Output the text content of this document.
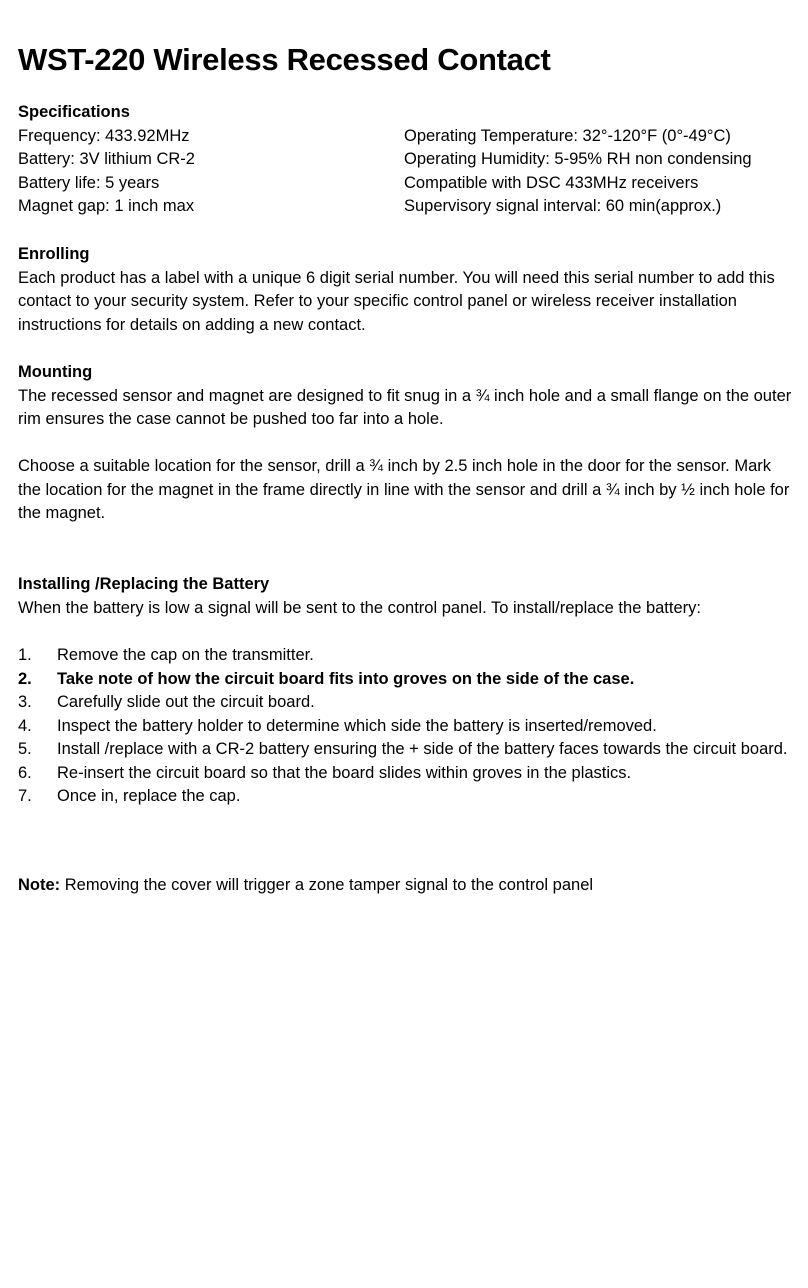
WST-220 Wireless Recessed Contact
Specifications
Frequency: 433.92MHz
Battery: 3V lithium CR-2
Battery life: 5 years
Magnet gap: 1 inch max
Operating Temperature: 32°-120°F (0°-49°C)
Operating Humidity: 5-95% RH non condensing
Compatible with DSC 433MHz receivers
Supervisory signal interval: 60 min(approx.)
Enrolling

Each product has a label with a unique 6 digit serial number. You will need this serial number to add this contact to your security system. Refer to your specific control panel or wireless receiver installation instructions for details on adding a new contact.

Mounting

The recessed sensor and magnet are designed to fit snug in a ¾ inch hole and a small flange on the outer rim ensures the case cannot be pushed too far into a hole.

Choose a suitable location for the sensor, drill a ¾ inch by 2.5 inch hole in the door for the sensor. Mark the location for the magnet in the frame directly in line with the sensor and drill a ¾ inch by ½ inch hole for the magnet.

Installing /Replacing the Battery

When the battery is low a signal will be sent to the control panel. To install/replace the battery:

1.	Remove the cap on the transmitter.
2.	Take note of how the circuit board fits into groves on the side of the case.
3.	Carefully slide out the circuit board.
4.	Inspect the battery holder to determine which side the battery is inserted/removed.
5.	Install /replace with a CR-2 battery ensuring the + side of the battery faces towards the circuit board.
6.	Re-insert the circuit board so that the board slides within groves in the plastics.
7.	Once in, replace the cap.

Note: Removing the cover will trigger a zone tamper signal to the control panel
